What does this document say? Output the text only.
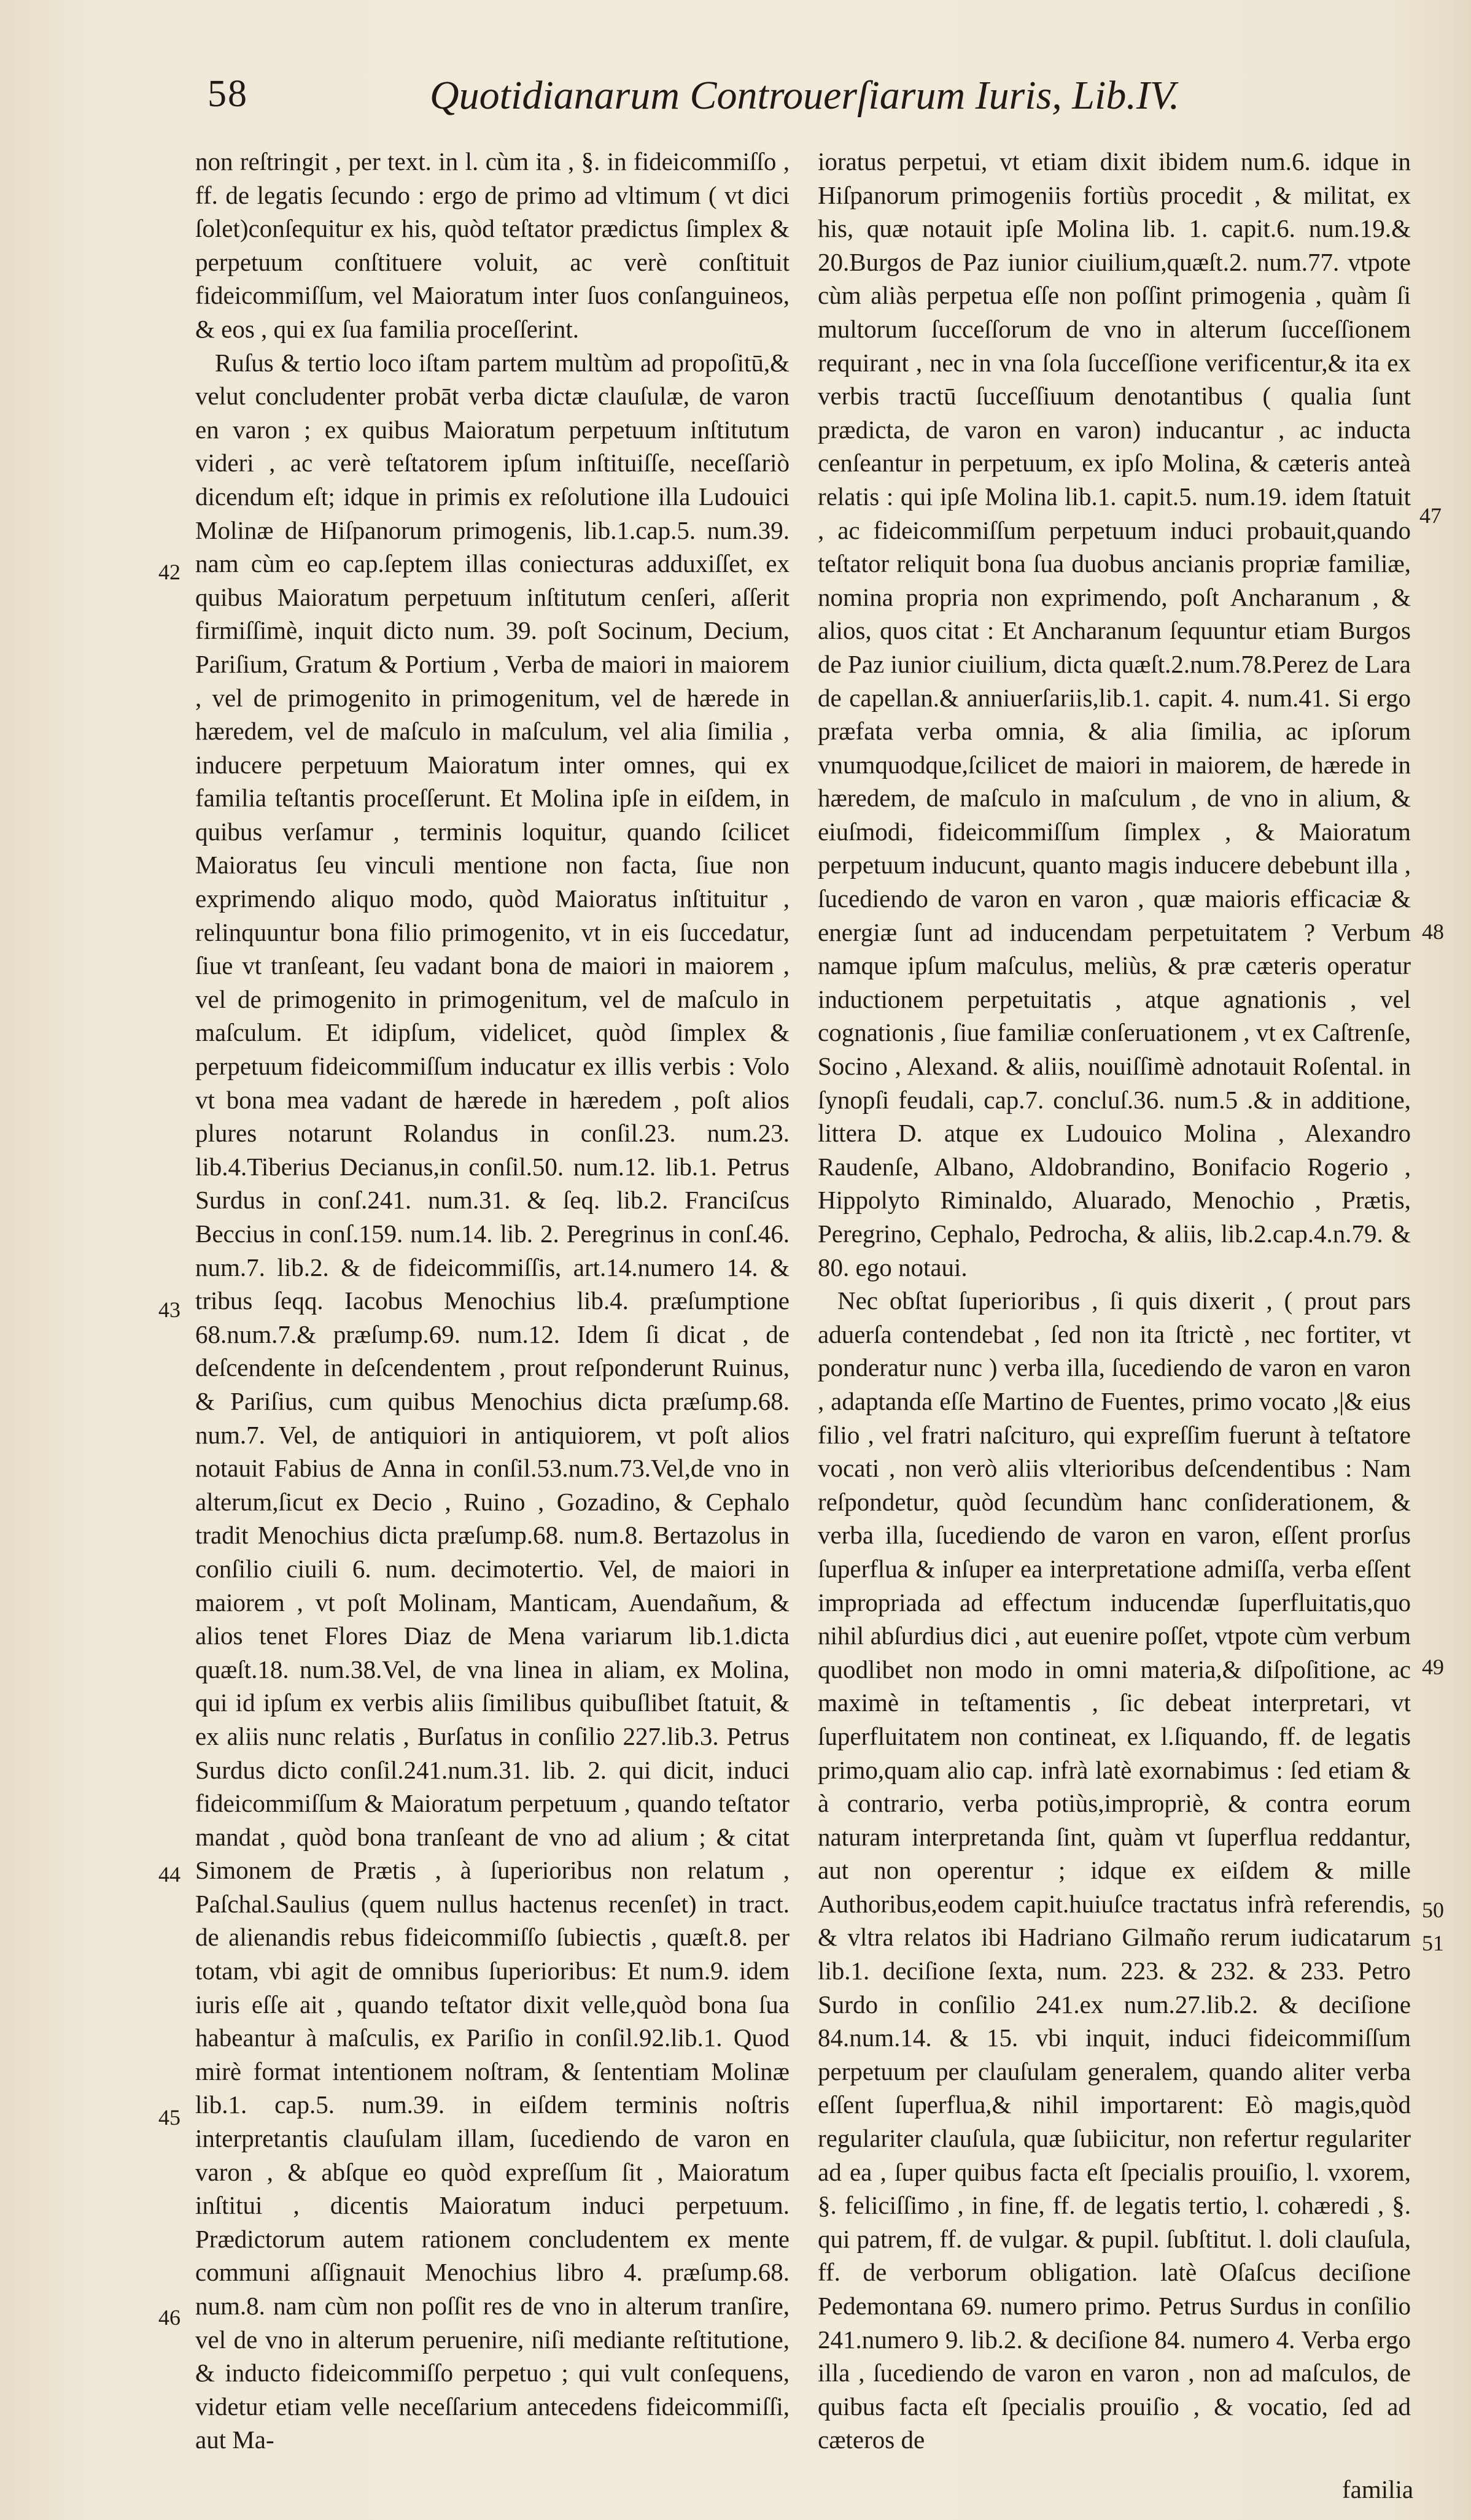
58	Quotidianarum Controuerſiarum Iuris, Lib.IV.

non reſtringit , per text. in l. cùm ita , §. in fideicommiſſo , ff. de legatis ſecundo : ergo de primo ad vltimum ( vt dici ſolet)conſequitur ex his, quòd teſtator prædictus ſimplex & perpetuum conſtituere voluit, ac verè conſtituit fideicommiſſum, vel Maioratum inter ſuos conſanguineos, & eos , qui ex ſua familia proceſſerint.

Ruſus & tertio loco iſtam partem multùm ad propoſitū,& velut concludenter probāt verba dictæ clauſulæ, de varon en varon ; ex quibus Maioratum perpetuum inſtitutum videri , ac verè teſtatorem ipſum inſtituiſſe, neceſſariò dicendum eſt; idque in primis ex reſolutione illa Ludouici Molinæ de Hiſpanorum primogenis, lib.1.cap.5. num.39. nam cùm eo cap.ſeptem illas coniecturas adduxiſſet, ex quibus Maioratum perpetuum inſtitutum cenſeri, aſſerit firmiſſimè, inquit dicto num. 39. poſt Socinum, Decium, Pariſium, Gratum & Portium , Verba de maiori in maiorem , vel de primogenito in primogenitum, vel de hærede in hæredem, vel de maſculo in maſculum, vel alia ſimilia , inducere perpetuum Maioratum inter omnes, qui ex familia teſtantis proceſſerunt. Et Molina ipſe in eiſdem, in quibus verſamur , terminis loquitur, quando ſcilicet Maioratus ſeu vinculi mentione non facta, ſiue non exprimendo aliquo modo, quòd Maioratus inſtituitur , relinquuntur bona filio primogenito, vt in eis ſuccedatur, ſiue vt tranſeant, ſeu vadant bona de maiori in maiorem , vel de primogenito in primogenitum, vel de maſculo in maſculum. Et idipſum, videlicet, quòd ſimplex & perpetuum fideicommiſſum inducatur ex illis verbis : Volo vt bona mea vadant de hærede in hæredem , poſt alios plures notarunt Rolandus in conſil.23. num.23. lib.4.Tiberius Decianus,in conſil.50. num.12. lib.1. Petrus Surdus in conſ.241. num.31. & ſeq. lib.2. Franciſcus Beccius in conſ.159. num.14. lib. 2. Peregrinus in conſ.46. num.7. lib.2. & de fideicommiſſis, art.14.numero 14. & tribus ſeqq. Iacobus Menochius lib.4. præſumptione 68.num.7.& præſump.69. num.12. Idem ſi dicat , de deſcendente in deſcendentem , prout reſponderunt Ruinus, & Pariſius, cum quibus Menochius dicta præſump.68. num.7. Vel, de antiquiori in antiquiorem, vt poſt alios notauit Fabius de Anna in conſil.53.num.73.Vel,de vno in alterum,ſicut ex Decio , Ruino , Gozadino, & Cephalo tradit Menochius dicta præſump.68. num.8. Bertazolus in conſilio ciuili 6. num. decimotertio. Vel, de maiori in maiorem , vt poſt Molinam, Manticam, Auendañum, & alios tenet Flores Diaz de Mena variarum lib.1.dicta quæſt.18. num.38.Vel, de vna linea in aliam, ex Molina, qui id ipſum ex verbis aliis ſimilibus quibuſlibet ſtatuit, & ex aliis nunc relatis , Burſatus in conſilio 227.lib.3. Petrus Surdus dicto conſil.241.num.31. lib. 2. qui dicit, induci fideicommiſſum & Maioratum perpetuum , quando teſtator mandat , quòd bona tranſeant de vno ad alium ; & citat Simonem de Prætis , à ſuperioribus non relatum , Paſchal.Saulius (quem nullus hactenus recenſet) in tract. de alienandis rebus fideicommiſſo ſubiectis , quæſt.8. per totam, vbi agit de omnibus ſuperioribus: Et num.9. idem iuris eſſe ait , quando teſtator dixit velle,quòd bona ſua habeantur à maſculis, ex Pariſio in conſil.92.lib.1. Quod mirè format intentionem noſtram, & ſententiam Molinæ lib.1. cap.5. num.39. in eiſdem terminis noſtris interpretantis clauſulam illam, ſucediendo de varon en varon , & abſque eo quòd expreſſum ſit , Maioratum inſtitui , dicentis Maioratum induci perpetuum. Prædictorum autem rationem concludentem ex mente communi aſſignauit Menochius libro 4. præſump.68. num.8. nam cùm non poſſit res de vno in alterum tranſire, vel de vno in alterum peruenire, niſi mediante reſtitutione, & inducto fideicommiſſo perpetuo ; qui vult conſequens, videtur etiam velle neceſſarium antecedens fideicommiſſi, aut Ma-

ioratus perpetui, vt etiam dixit ibidem num.6. idque in Hiſpanorum primogeniis fortiùs procedit , & militat, ex his, quæ notauit ipſe Molina lib. 1. capit.6. num.19.& 20.Burgos de Paz iunior ciuilium,quæſt.2. num.77. vtpote cùm aliàs perpetua eſſe non poſſint primogenia , quàm ſi multorum ſucceſſorum de vno in alterum ſucceſſionem requirant , nec in vna ſola ſucceſſione verificentur,& ita ex verbis tractū ſucceſſiuum denotantibus ( qualia ſunt prædicta, de varon en varon) inducantur , ac inducta cenſeantur in perpetuum, ex ipſo Molina, & cæteris anteà relatis : qui ipſe Molina lib.1. capit.5. num.19. idem ſtatuit , ac fideicommiſſum perpetuum induci probauit,quando teſtator reliquit bona ſua duobus ancianis propriæ familiæ, nomina propria non exprimendo, poſt Ancharanum , & alios, quos citat : Et Ancharanum ſequuntur etiam Burgos de Paz iunior ciuilium, dicta quæſt.2.num.78.Perez de Lara de capellan.& anniuerſariis,lib.1. capit. 4. num.41. Si ergo præfata verba omnia, & alia ſimilia, ac ipſorum vnumquodque,ſcilicet de maiori in maiorem, de hærede in hæredem, de maſculo in maſculum , de vno in alium, & eiuſmodi, fideicommiſſum ſimplex , & Maioratum perpetuum inducunt, quanto magis inducere debebunt illa , ſucediendo de varon en varon , quæ maioris efficaciæ & energiæ ſunt ad inducendam perpetuitatem ? Verbum namque ipſum maſculus, meliùs, & præ cæteris operatur inductionem perpetuitatis , atque agnationis , vel cognationis , ſiue familiæ conſeruationem , vt ex Caſtrenſe, Socino , Alexand. & aliis, nouiſſimè adnotauit Roſental. in ſynopſi feudali, cap.7. concluſ.36. num.5 .& in additione, littera D. atque ex Ludouico Molina , Alexandro Raudenſe, Albano, Aldobrandino, Bonifacio Rogerio , Hippolyto Riminaldo, Aluarado, Menochio , Prætis, Peregrino, Cephalo, Pedrocha, & aliis, lib.2.cap.4.n.79. & 80. ego notaui.

Nec obſtat ſuperioribus , ſi quis dixerit , ( prout pars aduerſa contendebat , ſed non ita ſtrictè , nec fortiter, vt ponderatur nunc ) verba illa, ſucediendo de varon en varon , adaptanda eſſe Martino de Fuentes, primo vocato ,|& eius filio , vel fratri naſcituro, qui expreſſim fuerunt à teſtatore vocati , non verò aliis vlterioribus deſcendentibus : Nam reſpondetur, quòd ſecundùm hanc conſiderationem, & verba illa, ſucediendo de varon en varon, eſſent prorſus ſuperflua & inſuper ea interpretatione admiſſa, verba eſſent impropriada ad effectum inducendæ ſuperfluitatis,quo nihil abſurdius dici , aut euenire poſſet, vtpote cùm verbum quodlibet non modo in omni materia,& diſpoſitione, ac maximè in teſtamentis , ſic debeat interpretari, vt ſuperfluitatem non contineat, ex l.ſiquando, ff. de legatis primo,quam alio cap. infrà latè exornabimus : ſed etiam & à contrario, verba potiùs,impropriè, & contra eorum naturam interpretanda ſint, quàm vt ſuperflua reddantur, aut non operentur ; idque ex eiſdem & mille Authoribus,eodem capit.huiuſce tractatus infrà referendis, & vltra relatos ibi Hadriano Gilmaño rerum iudicatarum lib.1. deciſione ſexta, num. 223. & 232. & 233. Petro Surdo in conſilio 241.ex num.27.lib.2. & deciſione 84.num.14. & 15. vbi inquit, induci fideicommiſſum perpetuum per clauſulam generalem, quando aliter verba eſſent ſuperflua,& nihil importarent: Eò magis,quòd regulariter clauſula, quæ ſubiicitur, non refertur regulariter ad ea , ſuper quibus facta eſt ſpecialis prouiſio, l. vxorem, §. feliciſſimo , in fine, ff. de legatis tertio, l. cohæredi , §. qui patrem, ff. de vulgar. & pupil. ſubſtitut. l. doli clauſula, ff. de verborum obligation. latè Oſaſcus deciſione Pedemontana 69. numero primo. Petrus Surdus in conſilio 241.numero 9. lib.2. & deciſione 84. numero 4. Verba ergo illa , ſucediendo de varon en varon , non ad maſculos, de quibus facta eſt ſpecialis prouiſio , & vocatio, ſed ad cæteros de

42
43
44
45
46
47
48
49
50
51
familia
